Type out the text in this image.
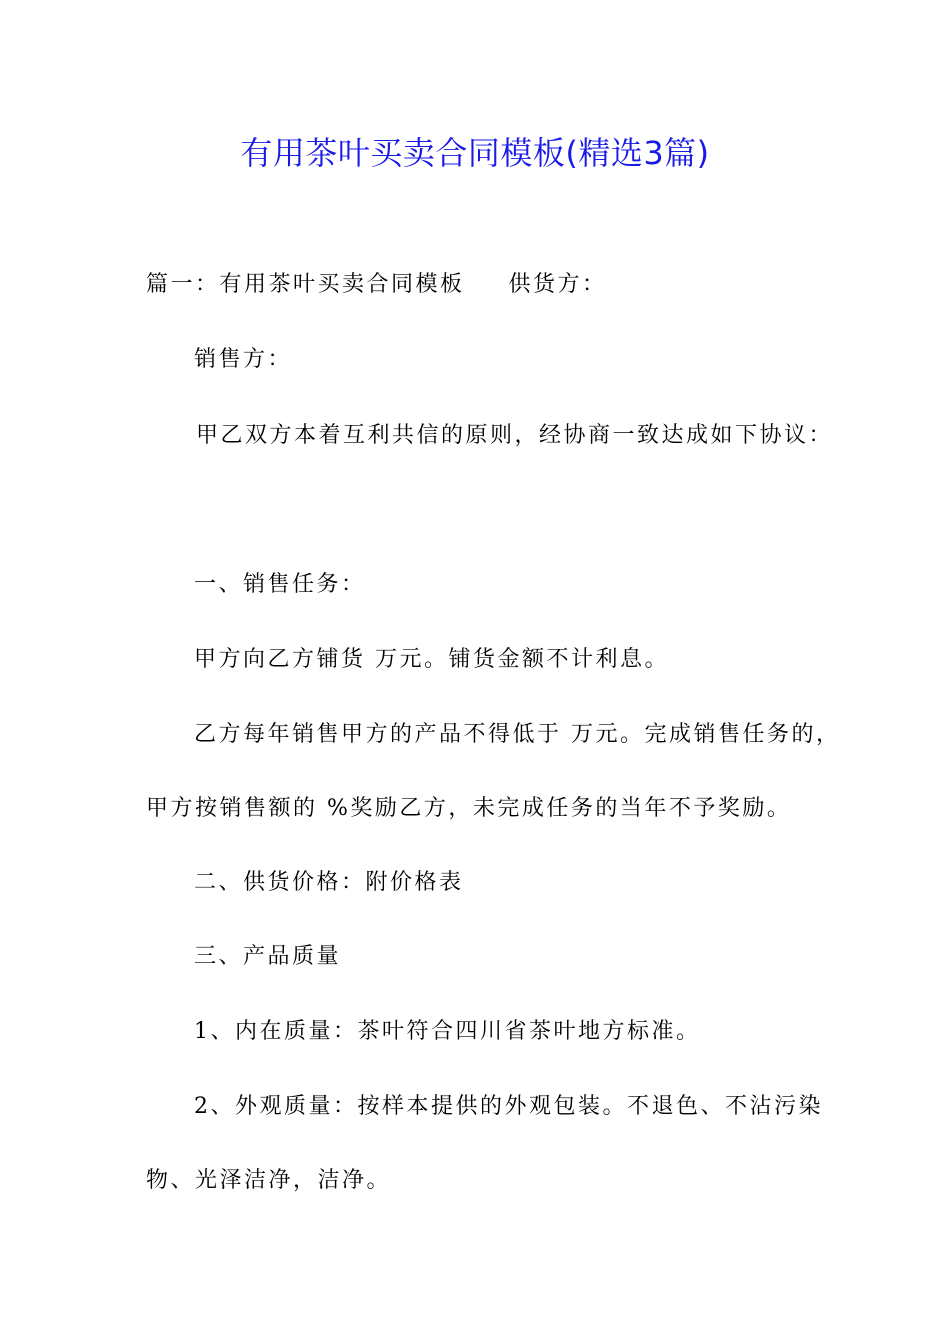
有用茶叶买卖合同模板(精选3篇)
篇一：有用茶叶买卖合同模板 供货方：
销售方：
甲乙双方本着互利共信的原则，经协商一致达成如下协议：
一、销售任务：
甲方向乙方铺货 万元。铺货金额不计利息。
乙方每年销售甲方的产品不得低于 万元。完成销售任务的，
甲方按销售额的 %奖励乙方，未完成任务的当年不予奖励。
二、供货价格：附价格表
三、产品质量
1、内在质量：茶叶符合四川省茶叶地方标准。
2、外观质量：按样本提供的外观包装。不退色、不沾污染
物、光泽洁净，洁净。
